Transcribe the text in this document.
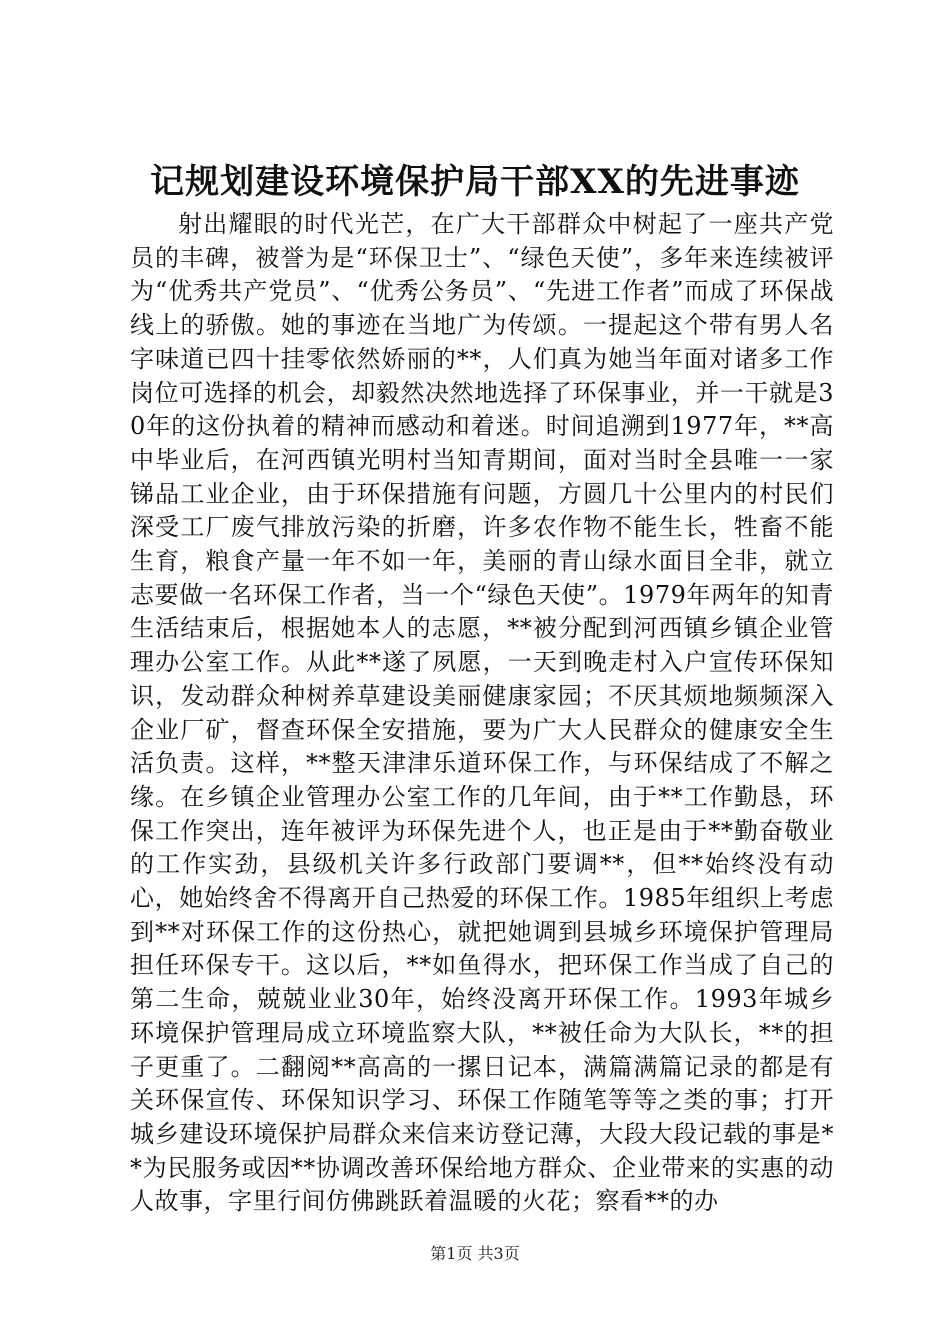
记规划建设环境保护局干部XX的先进事迹

射出耀眼的时代光芒，在广大干部群众中树起了一座共产党员的丰碑，被誉为是“环保卫士”、“绿色天使”，多年来连续被评为“优秀共产党员”、“优秀公务员”、“先进工作者”而成了环保战线上的骄傲。她的事迹在当地广为传颂。一提起这个带有男人名字味道已四十挂零依然娇丽的**，人们真为她当年面对诸多工作岗位可选择的机会，却毅然决然地选择了环保事业，并一干就是30年的这份执着的精神而感动和着迷。时间追溯到1977年，**高中毕业后，在河西镇光明村当知青期间，面对当时全县唯一一家锑品工业企业，由于环保措施有问题，方圆几十公里内的村民们深受工厂废气排放污染的折磨，许多农作物不能生长，牲畜不能生育，粮食产量一年不如一年，美丽的青山绿水面目全非，就立志要做一名环保工作者，当一个“绿色天使”。1979年两年的知青生活结束后，根据她本人的志愿，**被分配到河西镇乡镇企业管理办公室工作。从此**遂了夙愿，一天到晚走村入户宣传环保知识，发动群众种树养草建设美丽健康家园；不厌其烦地频频深入企业厂矿，督查环保全安措施，要为广大人民群众的健康安全生活负责。这样，**整天津津乐道环保工作，与环保结成了不解之缘。在乡镇企业管理办公室工作的几年间，由于**工作勤恳，环保工作突出，连年被评为环保先进个人，也正是由于**勤奋敬业的工作实劲，县级机关许多行政部门要调**，但**始终没有动心，她始终舍不得离开自己热爱的环保工作。1985年组织上考虑到**对环保工作的这份热心，就把她调到县城乡环境保护管理局担任环保专干。这以后，**如鱼得水，把环保工作当成了自己的第二生命，兢兢业业30年，始终没离开环保工作。1993年城乡环境保护管理局成立环境监察大队，**被任命为大队长，**的担子更重了。二翻阅**高高的一摞日记本，满篇满篇记录的都是有关环保宣传、环保知识学习、环保工作随笔等等之类的事；打开城乡建设环境保护局群众来信来访登记薄，大段大段记载的事是**为民服务或因**协调改善环保给地方群众、企业带来的实惠的动人故事，字里行间仿佛跳跃着温暖的火花；察看**的办

第1页 共3页
